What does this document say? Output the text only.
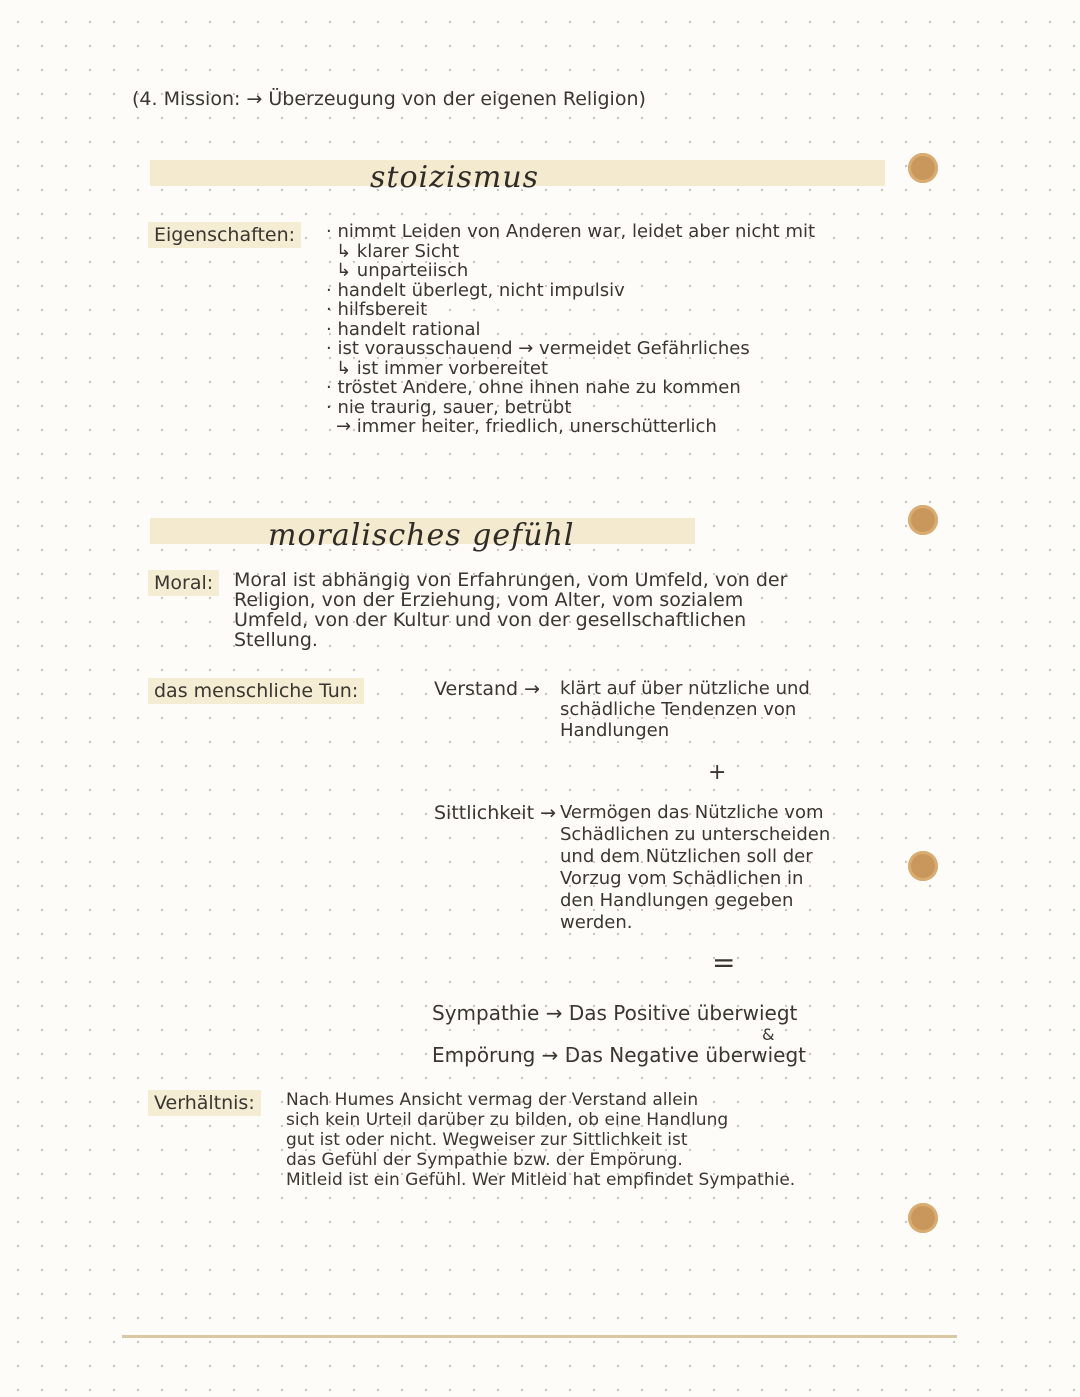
(4. Mission: → Überzeugung von der eigenen Religion)
stoizismus
Eigenschaften:	· nimmt Leiden von Anderen war, leidet aber nicht mit
↳ klarer Sicht
↳ unparteiisch
· handelt überlegt, nicht impulsiv
· hilfsbereit
· handelt rational
· ist vorausschauend → vermeidet Gefährliches
↳ ist immer vorbereitet
· tröstet Andere, ohne ihnen nahe zu kommen
· nie traurig, sauer, betrübt
→ immer heiter, friedlich, unerschütterlich
moralisches gefühl
Moral:	Moral ist abhängig von Erfahrungen, vom Umfeld, von der
Religion, von der Erziehung, vom Alter, vom sozialem
Umfeld, von der Kultur und von der gesellschaftlichen
Stellung.
das menschliche Tun:	Verstand → klärt auf über nützliche und
schädliche Tendenzen von
Handlungen
+
Sittlichkeit → Vermögen das Nützliche vom
Schädlichen zu unterscheiden
und dem Nützlichen soll der
Vorzug vom Schädlichen in
den Handlungen gegeben
werden.
=
Sympathie → Das Positive überwiegt
&
Empörung → Das Negative überwiegt
Verhältnis:	Nach Humes Ansicht vermag der Verstand allein
sich kein Urteil darüber zu bilden, ob eine Handlung
gut ist oder nicht. Wegweiser zur Sittlichkeit ist
das Gefühl der Sympathie bzw. der Empörung.
Mitleid ist ein Gefühl. Wer Mitleid hat empfindet Sympathie.
